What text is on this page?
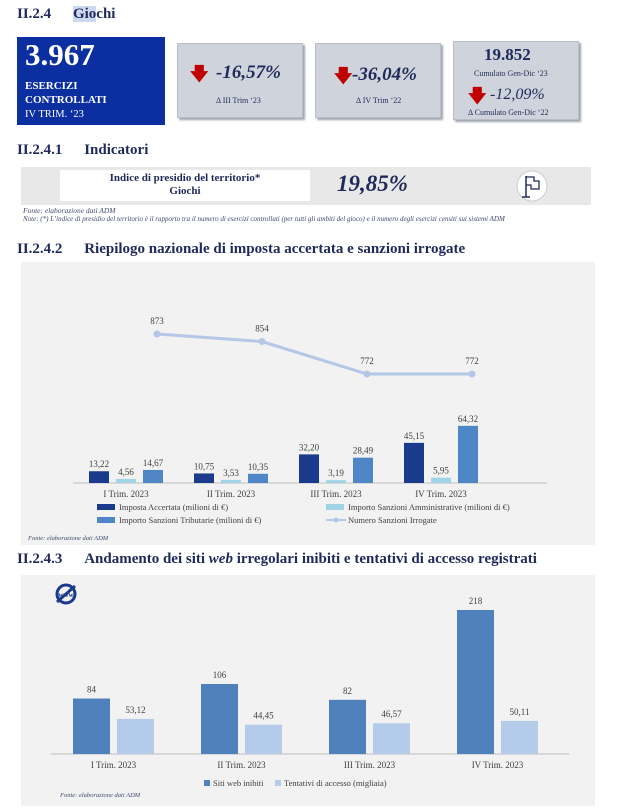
II.2.4 Giochi
3.967
ESERCIZI
CONTROLLATI
IV TRIM. ‘23
🡇 -16,57%
Δ III Trim ‘23
🡇 -36,04%
Δ IV Trim ‘22
19.852
Cumulato Gen-Dic ‘23
🡇 -12,09%
Δ Cumulato Gen-Dic ‘22
II.2.4.1 Indicatori
Indice di presidio del territorio*
Giochi	19,85%
Fonte: elaborazione dati ADM
Note: (*) L’indice di presidio del territorio è il rapporto tra il numero di esercizi controllati (per tutti gli ambiti del gioco) e il numero degli esercizi censiti sui sistemi ADM
II.2.4.2 Riepilogo nazionale di imposta accertata e sanzioni irrogate
13,22
4,56
14,67
I Trim. 2023
10,75
3,53
10,35
II Trim. 2023
32,20
3,19
28,49
III Trim. 2023
45,15
5,95
64,32
IV Trim. 2023
873
854
772	772
Imposta Accertata (milioni di €)	Importo Sanzioni Amministrative (milioni di €)
Importo Sanzioni Tributarie (milioni di €)	Numero Sanzioni Irrogate
Fonte: elaborazione dati ADM
II.2.4.3 Andamento dei siti web irregolari inibiti e tentativi di accesso registrati
www
84
53,12
I Trim. 2023
106
44,45
II Trim. 2023
82
46,57
III Trim. 2023
218
50,11
IV Trim. 2023
Siti web inibiti Tentativi di accesso (migliaia)
Fonte: elaborazione dati ADM
